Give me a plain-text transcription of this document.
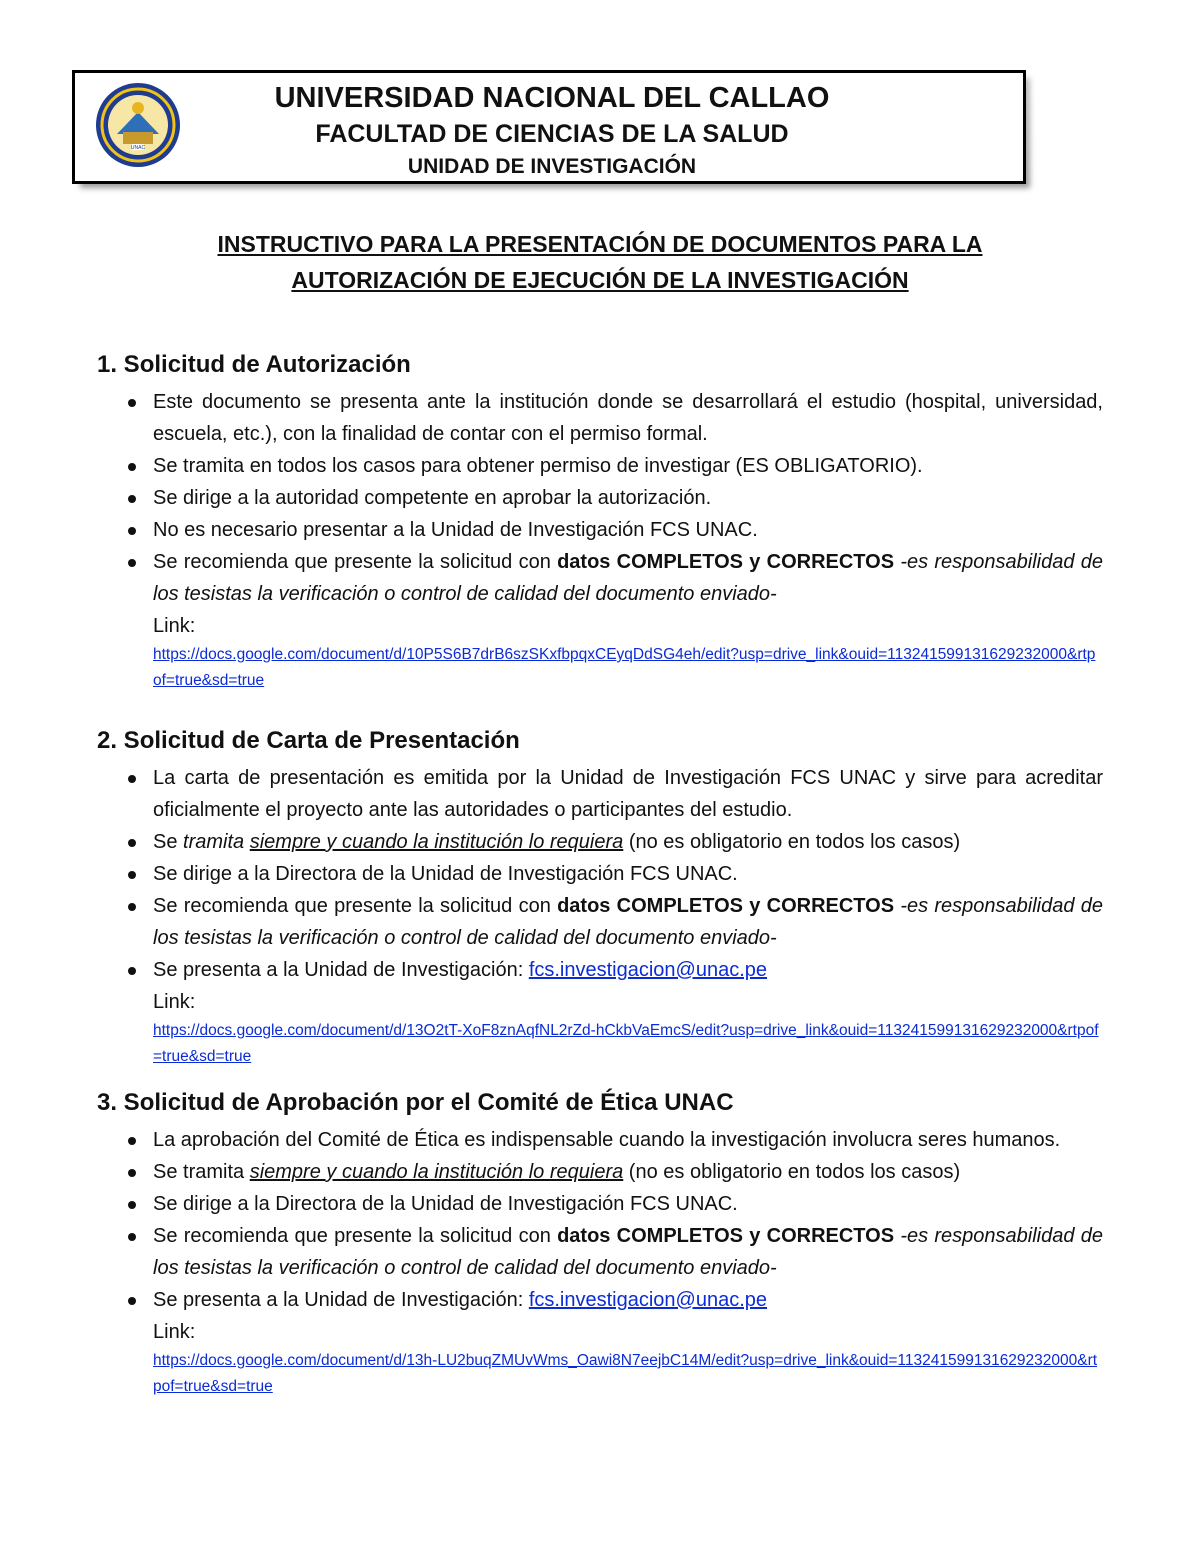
UNAC
UNIVERSIDAD NACIONAL DEL CALLAO
FACULTAD DE CIENCIAS DE LA SALUD
UNIDAD DE INVESTIGACIÓN
INSTRUCTIVO PARA LA PRESENTACIÓN DE DOCUMENTOS PARA LA
AUTORIZACIÓN DE EJECUCIÓN DE LA INVESTIGACIÓN
1. Solicitud de Autorización
Este documento se presenta ante la institución donde se desarrollará el estudio (hospital, universidad, escuela, etc.), con la finalidad de contar con el permiso formal.
Se tramita en todos los casos para obtener permiso de investigar (ES OBLIGATORIO).
Se dirige a la autoridad competente en aprobar la autorización.
No es necesario presentar a la Unidad de Investigación FCS UNAC.
Se recomienda que presente la solicitud con datos COMPLETOS y CORRECTOS -es responsabilidad de los tesistas la verificación o control de calidad del documento enviado-
Link:
https://docs.google.com/document/d/10P5S6B7drB6szSKxfbpqxCEyqDdSG4eh/edit?usp=drive_link&ouid=113241599131629232000&rtpof=true&sd=true
2. Solicitud de Carta de Presentación
La carta de presentación es emitida por la Unidad de Investigación FCS UNAC y sirve para acreditar oficialmente el proyecto ante las autoridades o participantes del estudio.
Se tramita siempre y cuando la institución lo requiera (no es obligatorio en todos los casos)
Se dirige a la Directora de la Unidad de Investigación FCS UNAC.
Se recomienda que presente la solicitud con datos COMPLETOS y CORRECTOS -es responsabilidad de los tesistas la verificación o control de calidad del documento enviado-
Se presenta a la Unidad de Investigación: fcs.investigacion@unac.pe
Link:
https://docs.google.com/document/d/13O2tT-XoF8znAqfNL2rZd-hCkbVaEmcS/edit?usp=drive_link&ouid=113241599131629232000&rtpof=true&sd=true
3. Solicitud de Aprobación por el Comité de Ética UNAC
La aprobación del Comité de Ética es indispensable cuando la investigación involucra seres humanos.
Se tramita siempre y cuando la institución lo requiera (no es obligatorio en todos los casos)
Se dirige a la Directora de la Unidad de Investigación FCS UNAC.
Se recomienda que presente la solicitud con datos COMPLETOS y CORRECTOS -es responsabilidad de los tesistas la verificación o control de calidad del documento enviado-
Se presenta a la Unidad de Investigación: fcs.investigacion@unac.pe
Link:
https://docs.google.com/document/d/13h-LU2buqZMUvWms_Oawi8N7eejbC14M/edit?usp=drive_link&ouid=113241599131629232000&rtpof=true&sd=true
